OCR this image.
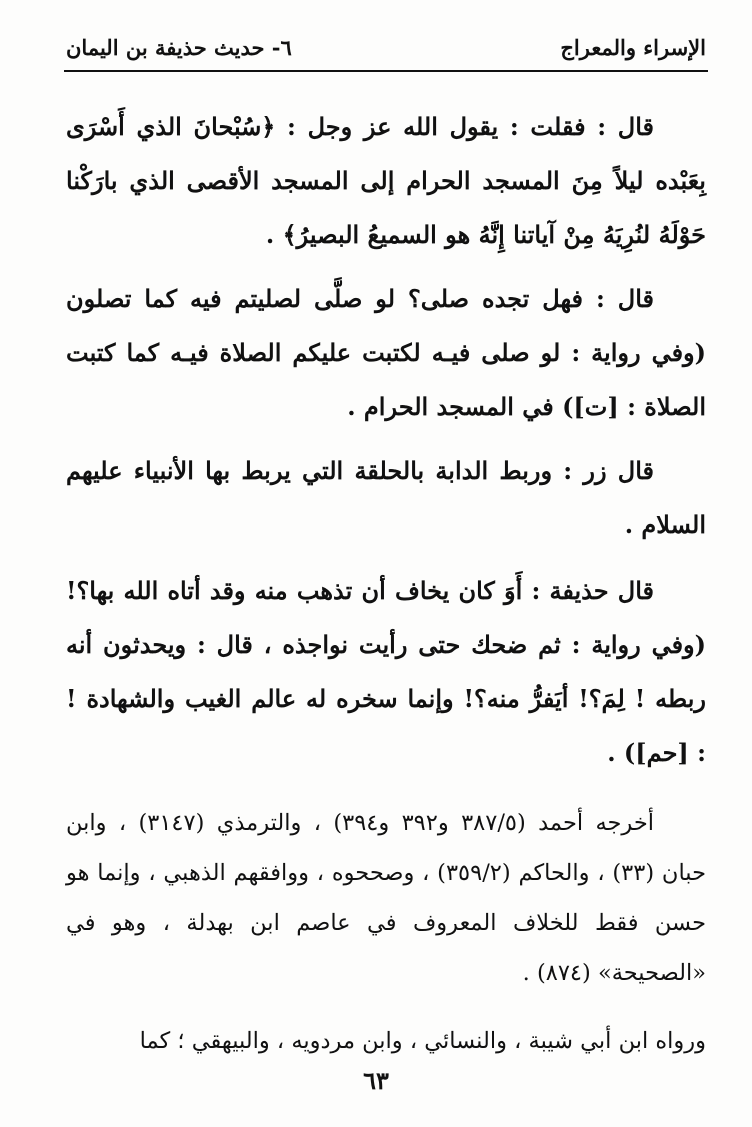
الإسراء والمعراج
٦- حديث حذيفة بن اليمان

قال : فقلت : يقول الله عز وجل : ﴿سُبْحانَ الذي أَسْرَى بِعَبْده ليلاً مِنَ المسجد الحرام إلى المسجد الأقصى الذي بارَكْنا حَوْلَهُ لنُرِيَهُ مِنْ آياتنا إِنَّهُ هو السميعُ البصيرُ﴾ .

قال : فهل تجده صلى؟ لو صلَّى لصليتم فيه كما تصلون (وفي رواية : لو صلى فيـه لكتبت عليكم الصلاة فيـه كما كتبت الصلاة : [ت]) في المسجد الحرام .

قال زر : وربط الدابة بالحلقة التي يربط بها الأنبياء عليهم السلام .

قال حذيفة : أَوَ كان يخاف أن تذهب منه وقد أتاه الله بها؟! (وفي رواية : ثم ضحك حتى رأيت نواجذه ، قال : ويحدثون أنه ربطه ! لِمَ؟! أيَفرُّ منه؟! وإنما سخره له عالم الغيب والشهادة ! : [حم]) .

أخرجه أحمد (٣٨٧/٥ و٣٩٢ و٣٩٤) ، والترمذي (٣١٤٧) ، وابن حبان (٣٣) ، والحاكم (٣٥٩/٢) ، وصححوه ، ووافقهم الذهبي ، وإنما هو حسن فقط للخلاف المعروف في عاصم ابن بهدلة ، وهو في «الصحيحة» (٨٧٤) .

ورواه ابن أبي شيبة ، والنسائي ، وابن مردويه ، والبيهقي ؛ كما

٦٣
